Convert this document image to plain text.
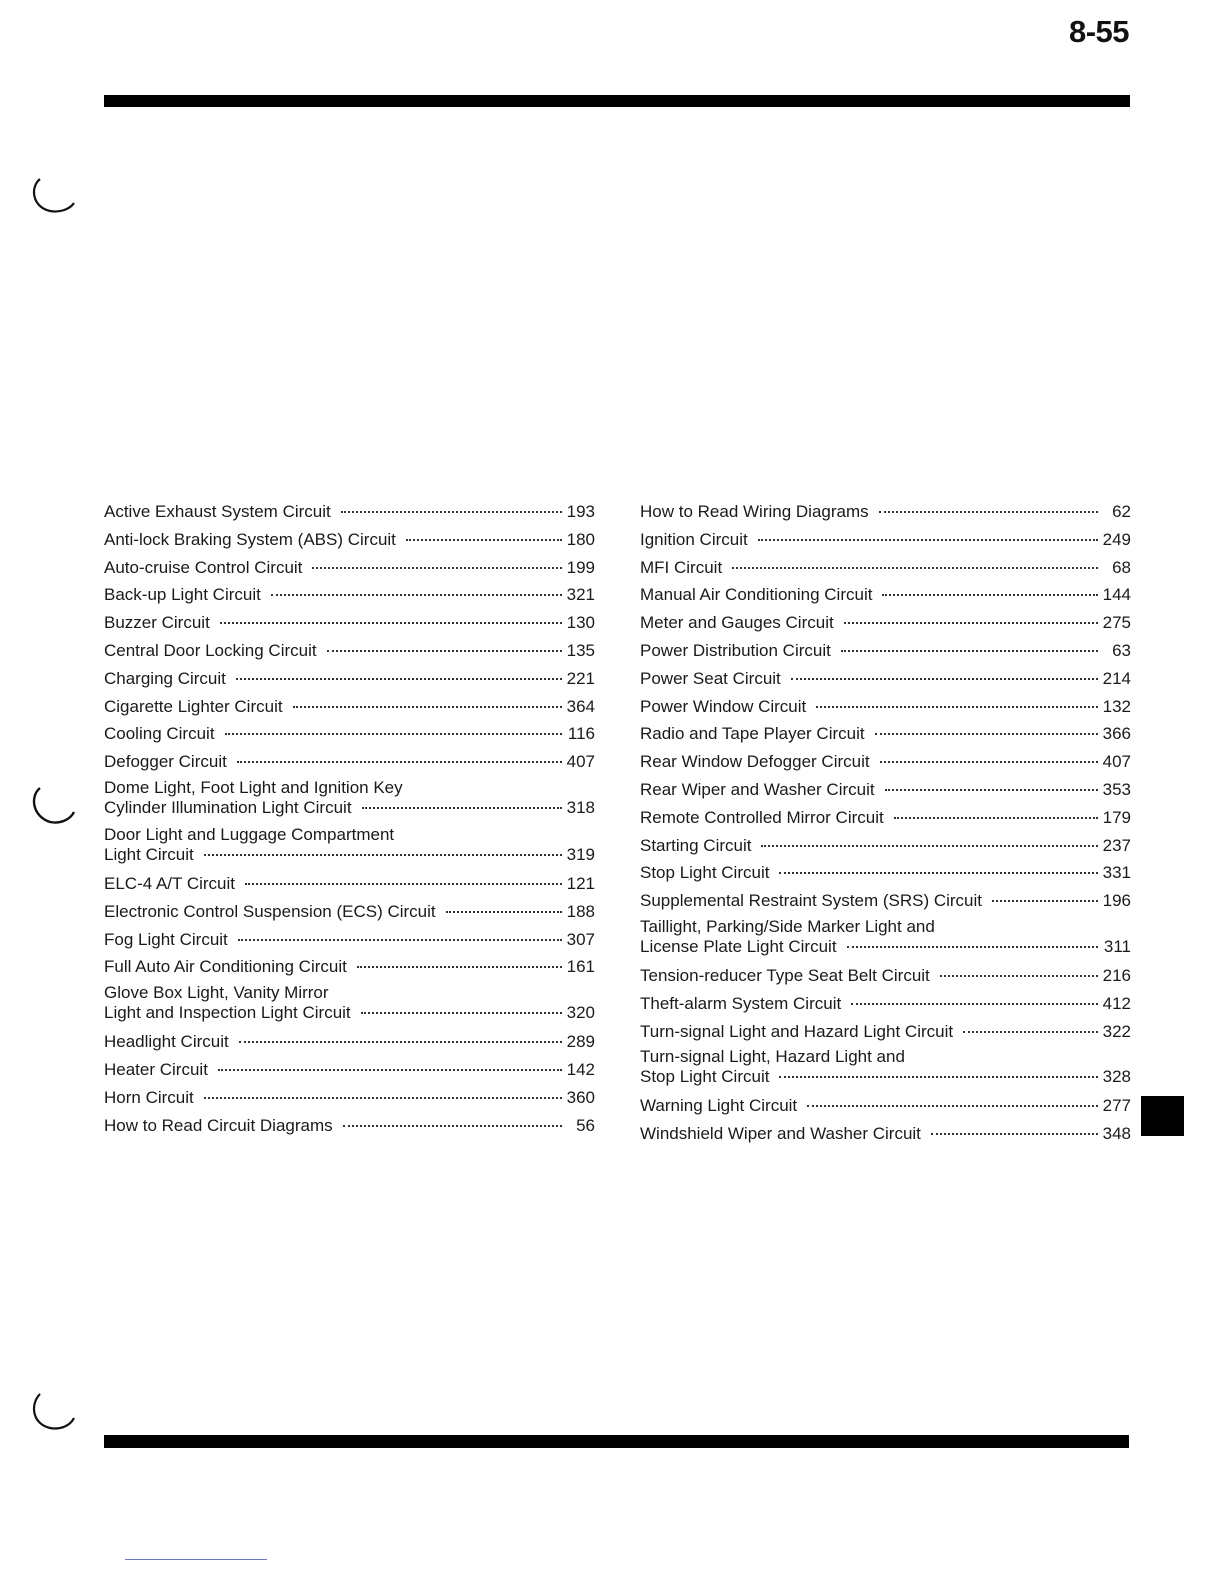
8-55
Active Exhaust System Circuit	193
Anti-lock Braking System (ABS) Circuit	180
Auto-cruise Control Circuit	199
Back-up Light Circuit	321
Buzzer Circuit	130
Central Door Locking Circuit	135
Charging Circuit	221
Cigarette Lighter Circuit	364
Cooling Circuit	116
Defogger Circuit	407
Dome Light, Foot Light and Ignition Key
Cylinder Illumination Light Circuit	318
Door Light and Luggage Compartment
Light Circuit	319
ELC-4 A/T Circuit	121
Electronic Control Suspension (ECS) Circuit	188
Fog Light Circuit	307
Full Auto Air Conditioning Circuit	161
Glove Box Light, Vanity Mirror
Light and Inspection Light Circuit	320
Headlight Circuit	289
Heater Circuit	142
Horn Circuit	360
How to Read Circuit Diagrams	56
How to Read Wiring Diagrams	62
Ignition Circuit	249
MFI Circuit	68
Manual Air Conditioning Circuit	144
Meter and Gauges Circuit	275
Power Distribution Circuit	63
Power Seat Circuit	214
Power Window Circuit	132
Radio and Tape Player Circuit	366
Rear Window Defogger Circuit	407
Rear Wiper and Washer Circuit	353
Remote Controlled Mirror Circuit	179
Starting Circuit	237
Stop Light Circuit	331
Supplemental Restraint System (SRS) Circuit	196
Taillight, Parking/Side Marker Light and
License Plate Light Circuit	311
Tension-reducer Type Seat Belt Circuit	216
Theft-alarm System Circuit	412
Turn-signal Light and Hazard Light Circuit	322
Turn-signal Light, Hazard Light and
Stop Light Circuit	328
Warning Light Circuit	277
Windshield Wiper and Washer Circuit	348
